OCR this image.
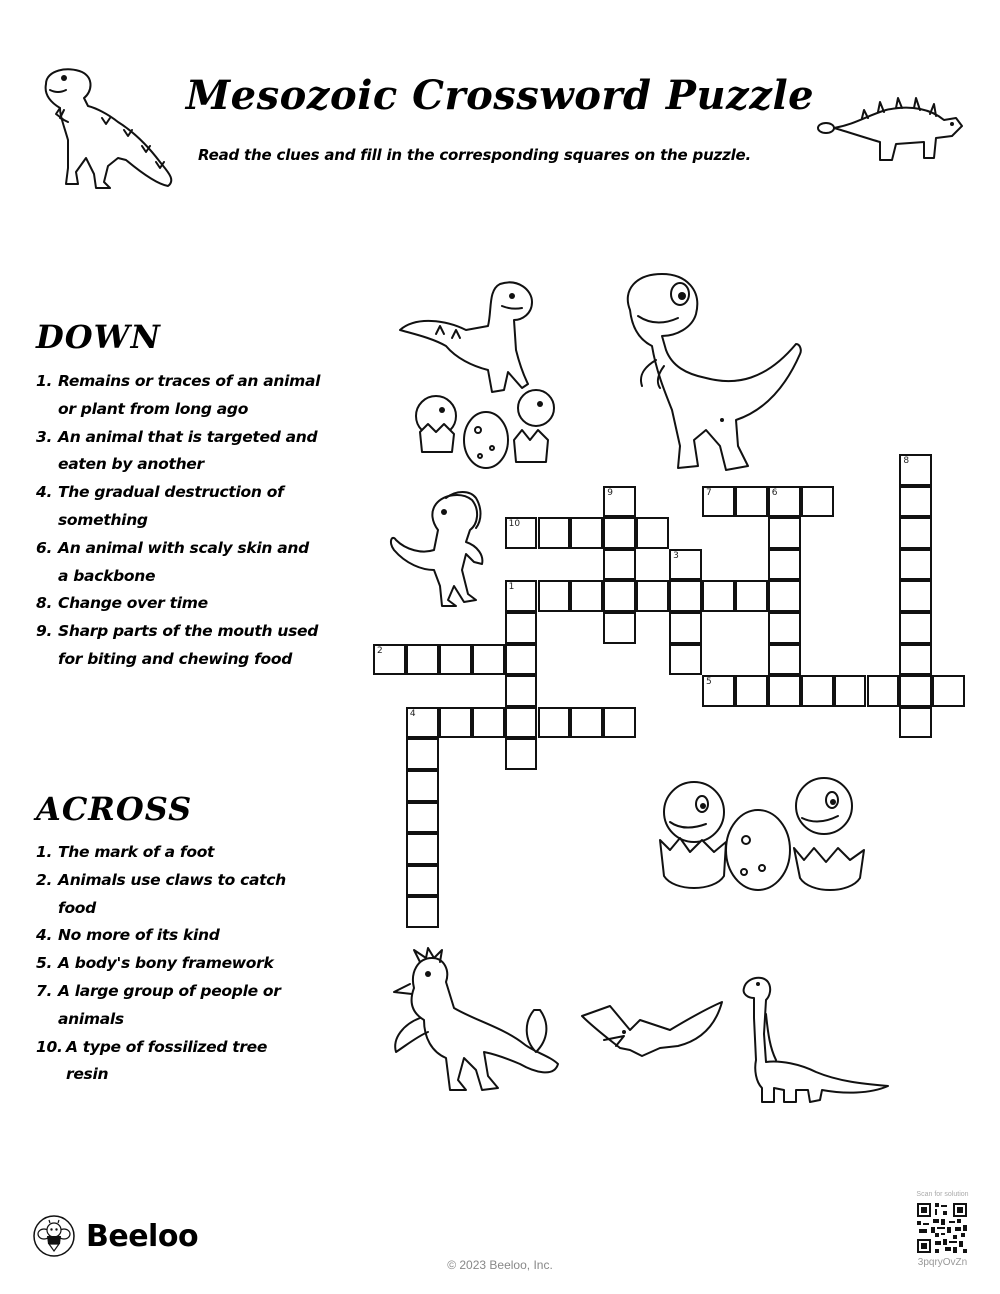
Mesozoic Crossword Puzzle
Read the clues and fill in the corresponding squares on the puzzle.
DOWN

1. Remains or traces of an animal or plant from long ago

3. An animal that is targeted and eaten by another

4. The gradual destruction of something

6. An animal with scaly skin and a backbone

8. Change over time

9. Sharp parts of the mouth used for biting and chewing food

ACROSS

1. The mark of a foot

2. Animals use claws to catch food

4. No more of its kind

5. A body's bony framework

7. A large group of people or animals

10. A type of fossilized tree resin

8
9	7	6
10
3
1
2
5
4
Beeloo
© 2023 Beeloo, Inc.
Scan for solution
3pqryOvZn
